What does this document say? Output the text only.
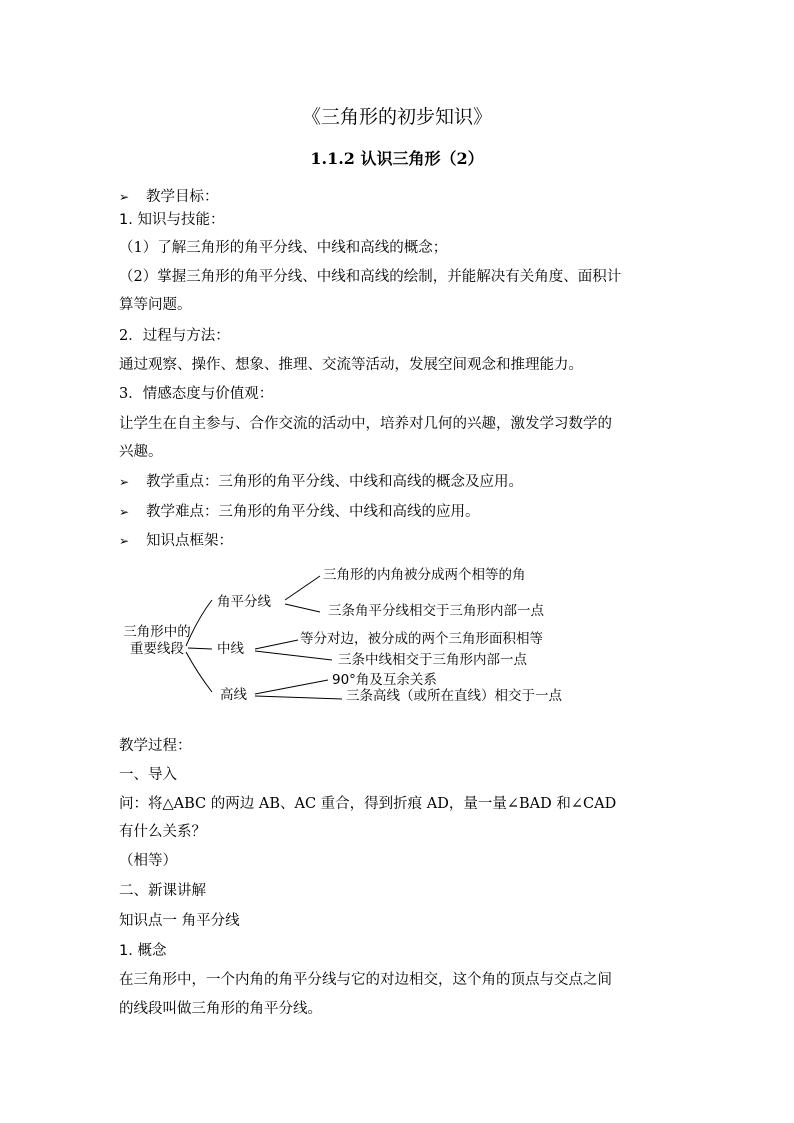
《三角形的初步知识》
1.1.2 认识三角形（2）
➢ 教学目标：
1. 知识与技能：
（1）了解三角形的角平分线、中线和高线的概念；
（2）掌握三角形的角平分线、中线和高线的绘制，并能解决有关角度、面积计
算等问题。
2．过程与方法：
通过观察、操作、想象、推理、交流等活动，发展空间观念和推理能力。
3．情感态度与价值观：
让学生在自主参与、合作交流的活动中，培养对几何的兴趣，激发学习数学的
兴趣。
➢ 教学重点：三角形的角平分线、中线和高线的概念及应用。
➢ 教学难点：三角形的角平分线、中线和高线的应用。
➢ 知识点框架：
三角形中的重要线段
角平分线
三角形的内角被分成两个相等的角
三条角平分线相交于三角形内部一点
中线
等分对边，被分成的两个三角形面积相等
三条中线相交于三角形内部一点
高线
90°角及互余关系
三条高线（或所在直线）相交于一点
教学过程：
一、导入
问：将△ABC 的两边 AB、AC 重合，得到折痕 AD，量一量∠BAD 和∠CAD
有什么关系？
（相等）
二、新课讲解
知识点一 角平分线
1. 概念
在三角形中，一个内角的角平分线与它的对边相交，这个角的顶点与交点之间
的线段叫做三角形的角平分线。
